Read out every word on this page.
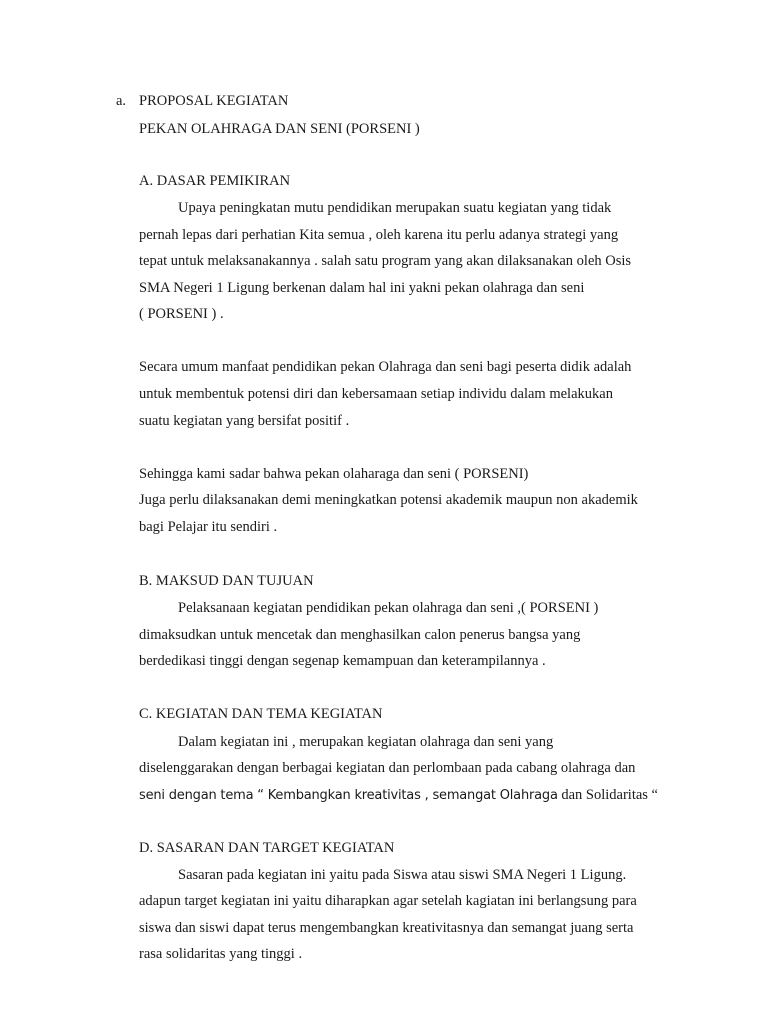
a. PROPOSAL KEGIATAN
PEKAN OLAHRAGA DAN SENI (PORSENI )
A. DASAR PEMIKIRAN
Upaya peningkatan mutu pendidikan merupakan suatu kegiatan yang tidak
pernah lepas dari perhatian Kita semua , oleh karena itu perlu adanya strategi yang
tepat untuk melaksanakannya . salah satu program yang akan dilaksanakan oleh Osis
SMA Negeri 1 Ligung berkenan dalam hal ini yakni pekan olahraga dan seni
( PORSENI ) .
Secara umum manfaat pendidikan pekan Olahraga dan seni bagi peserta didik adalah
untuk membentuk potensi diri dan kebersamaan setiap individu dalam melakukan
suatu kegiatan yang bersifat positif .
Sehingga kami sadar bahwa pekan olaharaga dan seni ( PORSENI)
Juga perlu dilaksanakan demi meningkatkan potensi akademik maupun non akademik
bagi Pelajar itu sendiri .
B. MAKSUD DAN TUJUAN
Pelaksanaan kegiatan pendidikan pekan olahraga dan seni ,( PORSENI )
dimaksudkan untuk mencetak dan menghasilkan calon penerus bangsa yang
berdedikasi tinggi dengan segenap kemampuan dan keterampilannya .
C. KEGIATAN DAN TEMA KEGIATAN
Dalam kegiatan ini , merupakan kegiatan olahraga dan seni yang
diselenggarakan dengan berbagai kegiatan dan perlombaan pada cabang olahraga dan
seni dengan tema “ Kembangkan kreativitas , semangat Olahraga dan Solidaritas “
D. SASARAN DAN TARGET KEGIATAN
Sasaran pada kegiatan ini yaitu pada Siswa atau siswi SMA Negeri 1 Ligung.
adapun target kegiatan ini yaitu diharapkan agar setelah kagiatan ini berlangsung para
siswa dan siswi dapat terus mengembangkan kreativitasnya dan semangat juang serta
rasa solidaritas yang tinggi .
